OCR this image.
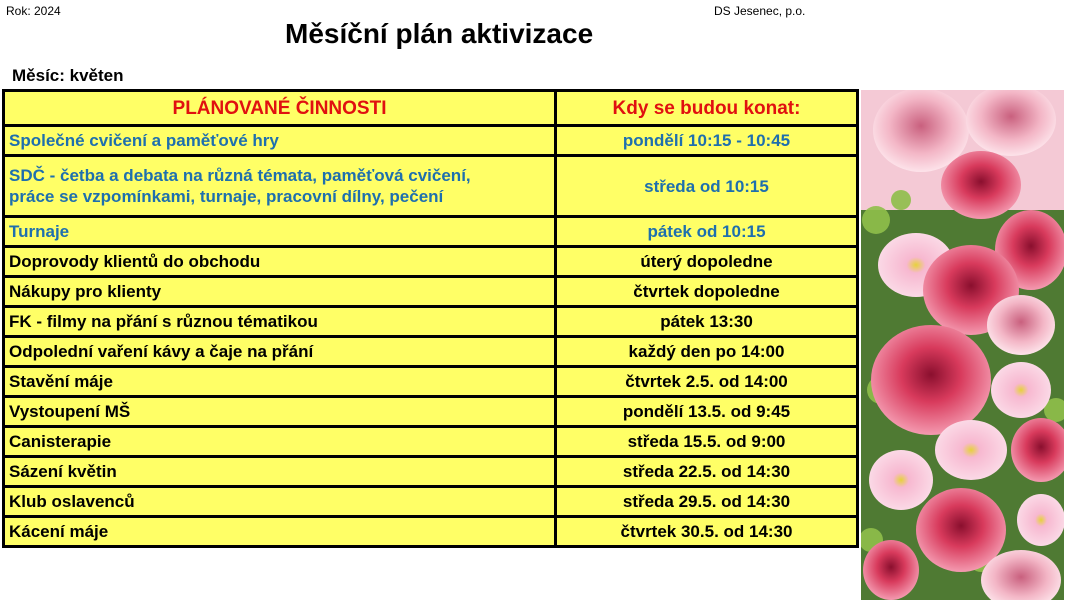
Rok: 2024	DS Jesenec, p.o.
Měsíční plán aktivizace
Měsíc: květen
PLÁNOVANÉ ČINNOSTI	Kdy se budou konat:
Společné cvičení a paměťové hry	pondělí 10:15 - 10:45

SDČ - četba a debata na různá témata, paměťová cvičení,
práce se vzpomínkami, turnaje, pracovní dílny, pečení	středa od 10:15
Turnaje	pátek od 10:15
Doprovody klientů do obchodu	úterý dopoledne
Nákupy pro klienty	čtvrtek dopoledne
FK - filmy na přání s různou tématikou	pátek 13:30
Odpolední vaření kávy a čaje na přání	každý den po 14:00
Stavění máje	čtvrtek 2.5. od 14:00
Vystoupení MŠ	pondělí 13.5. od 9:45
Canisterapie	středa 15.5. od 9:00
Sázení květin	středa 22.5. od 14:30
Klub oslavenců	středa 29.5. od 14:30
Kácení máje	čtvrtek 30.5. od 14:30
